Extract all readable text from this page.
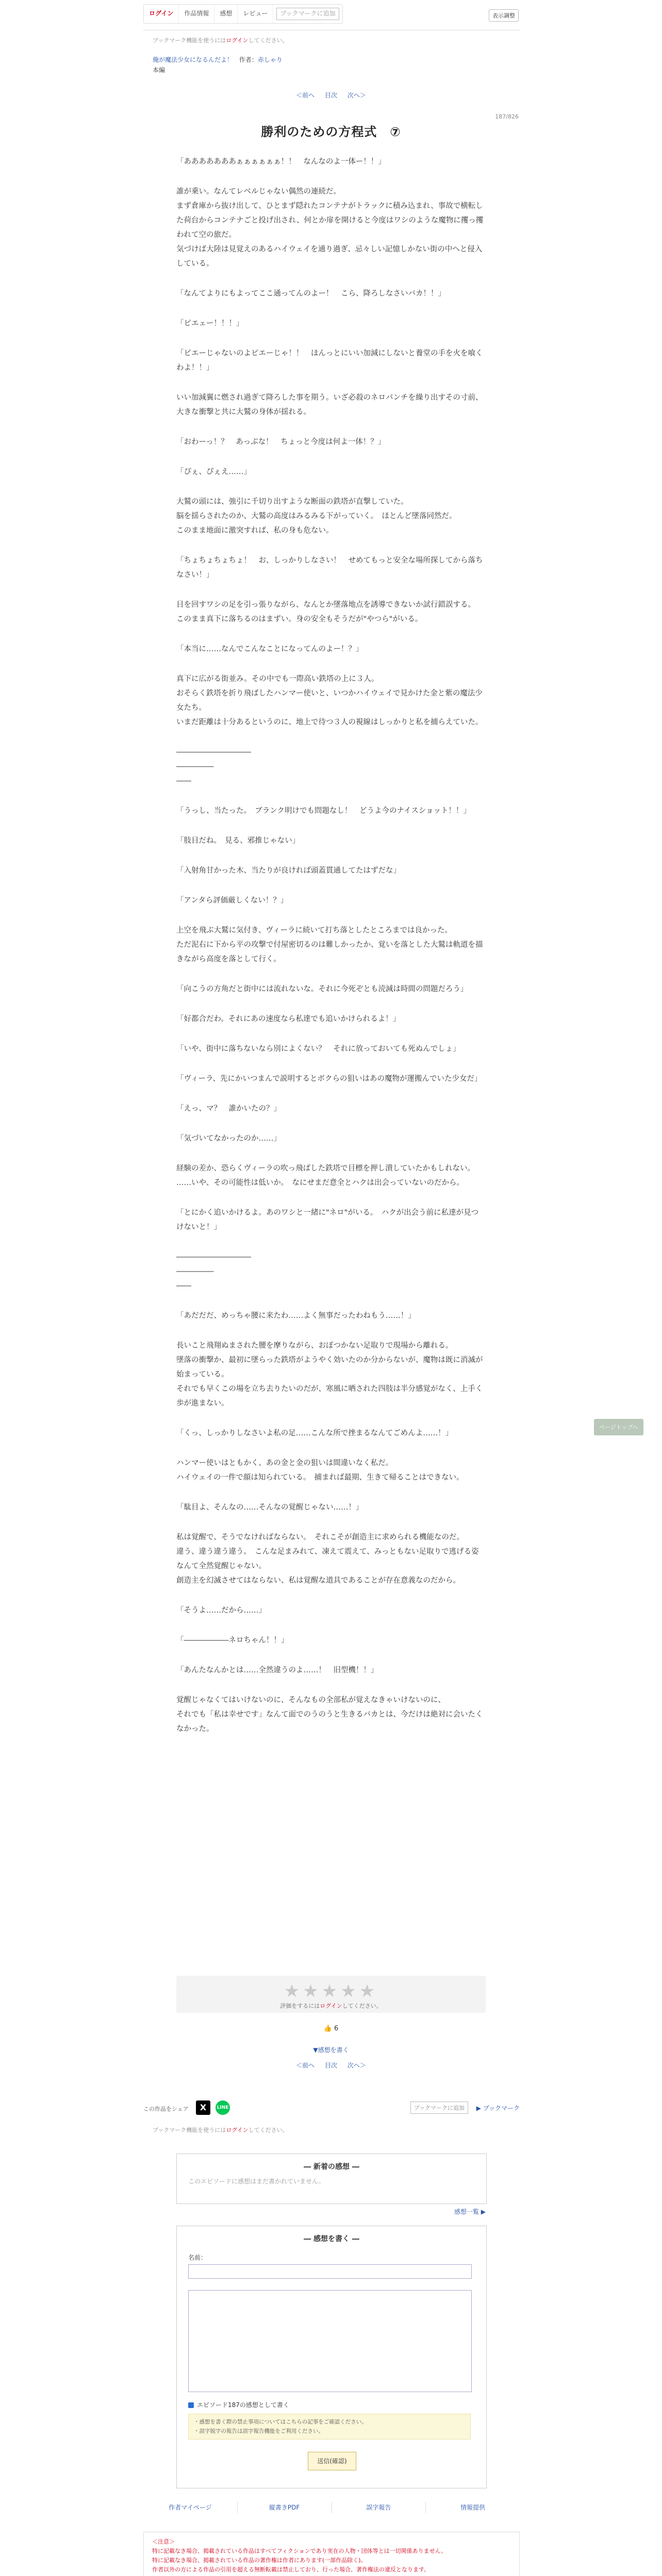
ログイン	作品情報	感想	レビュー	ブックマークに追加	表示調整
ブックマーク機能を使うにはログインしてください。
俺が魔法少女になるんだよ！ 作者：赤しゃり
本編
＜前へ 目次 次へ＞
187/826
勝利のための方程式　⑦

「あああああああぁぁぁぁぁぁ！！　なんなのよ一体ー！！」

誰が乗い。なんてレベルじゃない偶然の連続だ。
まず倉庫から抜け出して、ひとまず隠れたコンテナがトラックに積み込まれ、事故で横転した荷台からコンテナごと投げ出され、何とか扉を開けると今度はワシのような魔物に攫っ攫われて空の旅だ。
気づけば大陸は見覚えのあるハイウェイを通り過ぎ、忌々しい記憶しかない街の中へと侵入している。

「なんてよりにもよってここ通ってんのよー！　こら、降ろしなさいバカ！！」

「ピエェー！！！」

「ピエーじゃないのよピエーじゃ！！　ほんっとにいい加減にしないと養堂の手を火を喰くわよ！！」

いい加減翼に燃され過ぎて降ろした事を期う。いざ必殺のネロパンチを繰り出すその寸前、大きな衝撃と共に大鷲の身体が揺れる。

「おわーっ！？　あっぶな！　ちょっと今度は何よ一体！？」

「ぴぇ、ぴぇえ……」

大鷲の頭には、強引に千切り出すような断面の鉄塔が直撃していた。
脳を揺らされたのか、大鷲の高度はみるみる下がっていく。　ほとんど墜落同然だ。
このまま地面に激突すれば、私の身も危ない。

「ちょちょちょちょ！　お、しっかりしなさい！　せめてもっと安全な場所探してから落ちなさい！」

目を回すワシの足を引っ張りながら、なんとか墜落地点を誘導できないか試行錯誤する。
このまま真下に落ちるのはまずい。身の安全もそうだが"やつら"がいる。

「本当に……なんでこんなことになってんのよー！？」

真下に広がる街並み。その中でも一際高い鉄塔の上に３人。
おそらく鉄塔を折り飛ばしたハンマー使いと、いつかハイウェイで見かけた金と紫の魔法少女たち。
いまだ距離は十分あるというのに、地上で待つ３人の視線はしっかりと私を捕らえていた。

――――――――――
―――――
――

「うっし、当たった。　ブランク明けでも問題なし！　どうよ今のナイスショット！！」

「肢目だね。　見る、邪推じゃない」

「入射角甘かった木、当たりが良ければ頭蓋貫通してたはずだな」

「アンタら評価厳しくない！？」

上空を飛ぶ大鷲に気付き、ヴィーラに続いて打ち落としたところまでは良かった。
ただ泥右に下から平の攻撃で付屋密切るのは難しかったか、覚いを落とした大鷲は軌道を描きながら高度を落として行く。

「向こうの方角だと街中には流れないな。それに今死ぞとも涜減は時間の問題だろう」

「好都合だわ。それにあの速度なら私達でも追いかけられるよ！」

「いや、街中に落ちないなら別によくない？　それに放っておいても死ぬんでしょ」

「ヴィーラ、先にかいつまんで説明するとボクらの狙いはあの魔物が運搬んでいた少女だ」

「えっ、マ？　誰かいたの？」

「気づいてなかったのか……」

経験の差か、恐らくヴィーラの吹っ飛ばした鉄塔で目標を押し潰していたかもしれない。
……いや、その可能性は低いか。　なにせまだ意全とハクは出会っていないのだから。

「とにかく追いかけるよ。あのワシと一緒に"ネロ"がいる。　ハクが出会う前に私達が見つけないと！」

――――――――――
―――――
――

「あだだだ、めっちゃ腰に来たわ……よく無事だったわねもう……！」

長いこと飛翔ぬまされた腰を摩りながら、おぼつかない足取りで現場から離れる。
墜落の衝撃か、最初に墜らった鉄塔がようやく効いたのか分からないが、魔物は既に消滅が始まっている。
それでも早くこの場を立ち去りたいのだが、寒風に晒された四肢は半分感覚がなく、上手く歩が進まない。

「くっ、しっかりしなさいよ私の足……こんな所で挫まるなんてごめんよ……！」

ハンマー使いはともかく、あの金と金の狙いは間違いなく私だ。
ハイウェイの一件で顔は知られている。　捕まれば最期、生きて帰ることはできない。

「駄目よ、そんなの……そんなの覚醒じゃない……！」

私は覚醒で、そうでなければならない。　それこそが創造主に求められる機能なのだ。
違う、違う違う違う。　こんな足まみれて、凍えて震えて、みっともない足取りで逃げる姿なんて全然覚醒じゃない。
創造主を幻滅させてはならない、私は覚醒な道具であることが存在意義なのだから。

「そうよ……だから……」

「――――――ネロちゃん！！」

「あんたなんかとは……全然違うのよ……！　旧型機！！」

覚醒じゃなくてはいけないのに、そんなもの全部私が覚えなきゃいけないのに、
それでも「私は幸せです」なんて面でのうのうと生きるバカとは、今だけは絶対に会いたくなかった。

★★★★★
評価をするにはログインしてください。
👍 6
▼感想を書く
＜前へ 目次 次へ＞
ページトップへ
この作品をシェア	X	LINE	ブックマークに追加	▶ ブックマーク
ブックマーク機能を使うにはログインしてください。
― 新着の感想 ―
このエピソードに感想はまだ書かれていません。
感想一覧 ▶
― 感想を書く ―
名前：
エピソード187の感想として書く
・感想を書く際の禁止事項についてはこちらの記事をご確認ください。
・誤字脱字の報告は誤字報告機能をご利用ください。
送信(確認)
作者マイページ	縦書きPDF	誤字報告	情報提供
＜注意＞
特に記載なき場合、掲載されている作品はすべてフィクションであり実在の人物・団体等とは一切関係ありません。
特に記載なき場合、掲載されている作品の著作権は作者にあります(一部作品除く)。
作者以外の方による作品の引用を超える無断転載は禁止しており、行った場合、著作権法の違反となります。
